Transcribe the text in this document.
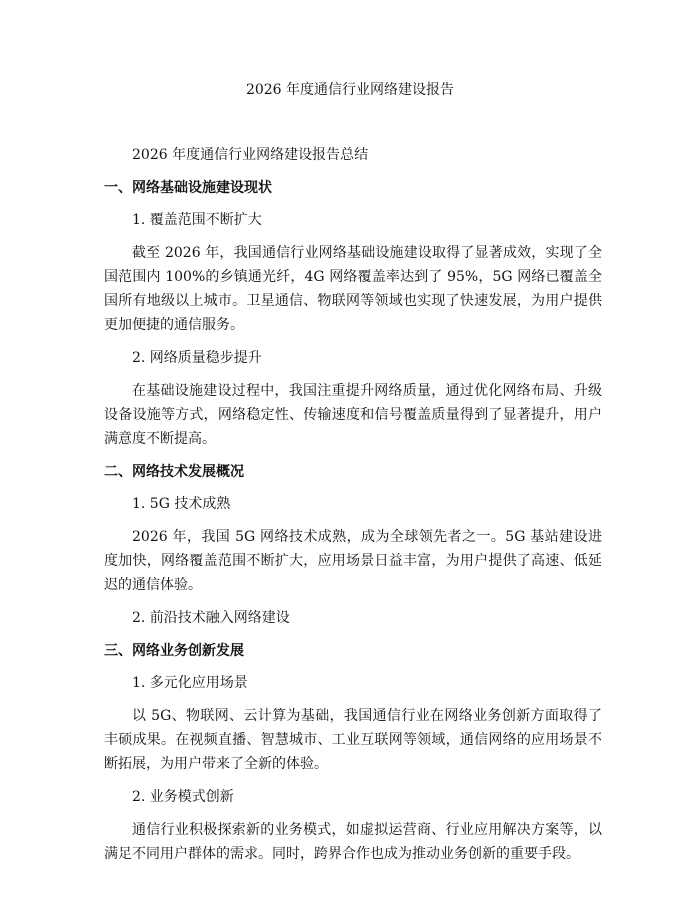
2026 年度通信行业网络建设报告

2026 年度通信行业网络建设报告总结

一、网络基础设施建设现状

1. 覆盖范围不断扩大

截至 2026 年，我国通信行业网络基础设施建设取得了显著成效，实现了全国范围内 100%的乡镇通光纤，4G 网络覆盖率达到了 95%，5G 网络已覆盖全国所有地级以上城市。卫星通信、物联网等领域也实现了快速发展，为用户提供更加便捷的通信服务。

2. 网络质量稳步提升

在基础设施建设过程中，我国注重提升网络质量，通过优化网络布局、升级设备设施等方式，网络稳定性、传输速度和信号覆盖质量得到了显著提升，用户满意度不断提高。

二、网络技术发展概况

1. 5G 技术成熟

2026 年，我国 5G 网络技术成熟，成为全球领先者之一。5G 基站建设进度加快，网络覆盖范围不断扩大，应用场景日益丰富，为用户提供了高速、低延迟的通信体验。

2. 前沿技术融入网络建设

三、网络业务创新发展

1. 多元化应用场景

以 5G、物联网、云计算为基础，我国通信行业在网络业务创新方面取得了丰硕成果。在视频直播、智慧城市、工业互联网等领域，通信网络的应用场景不断拓展，为用户带来了全新的体验。

2. 业务模式创新

通信行业积极探索新的业务模式，如虚拟运营商、行业应用解决方案等，以满足不同用户群体的需求。同时，跨界合作也成为推动业务创新的重要手段。
